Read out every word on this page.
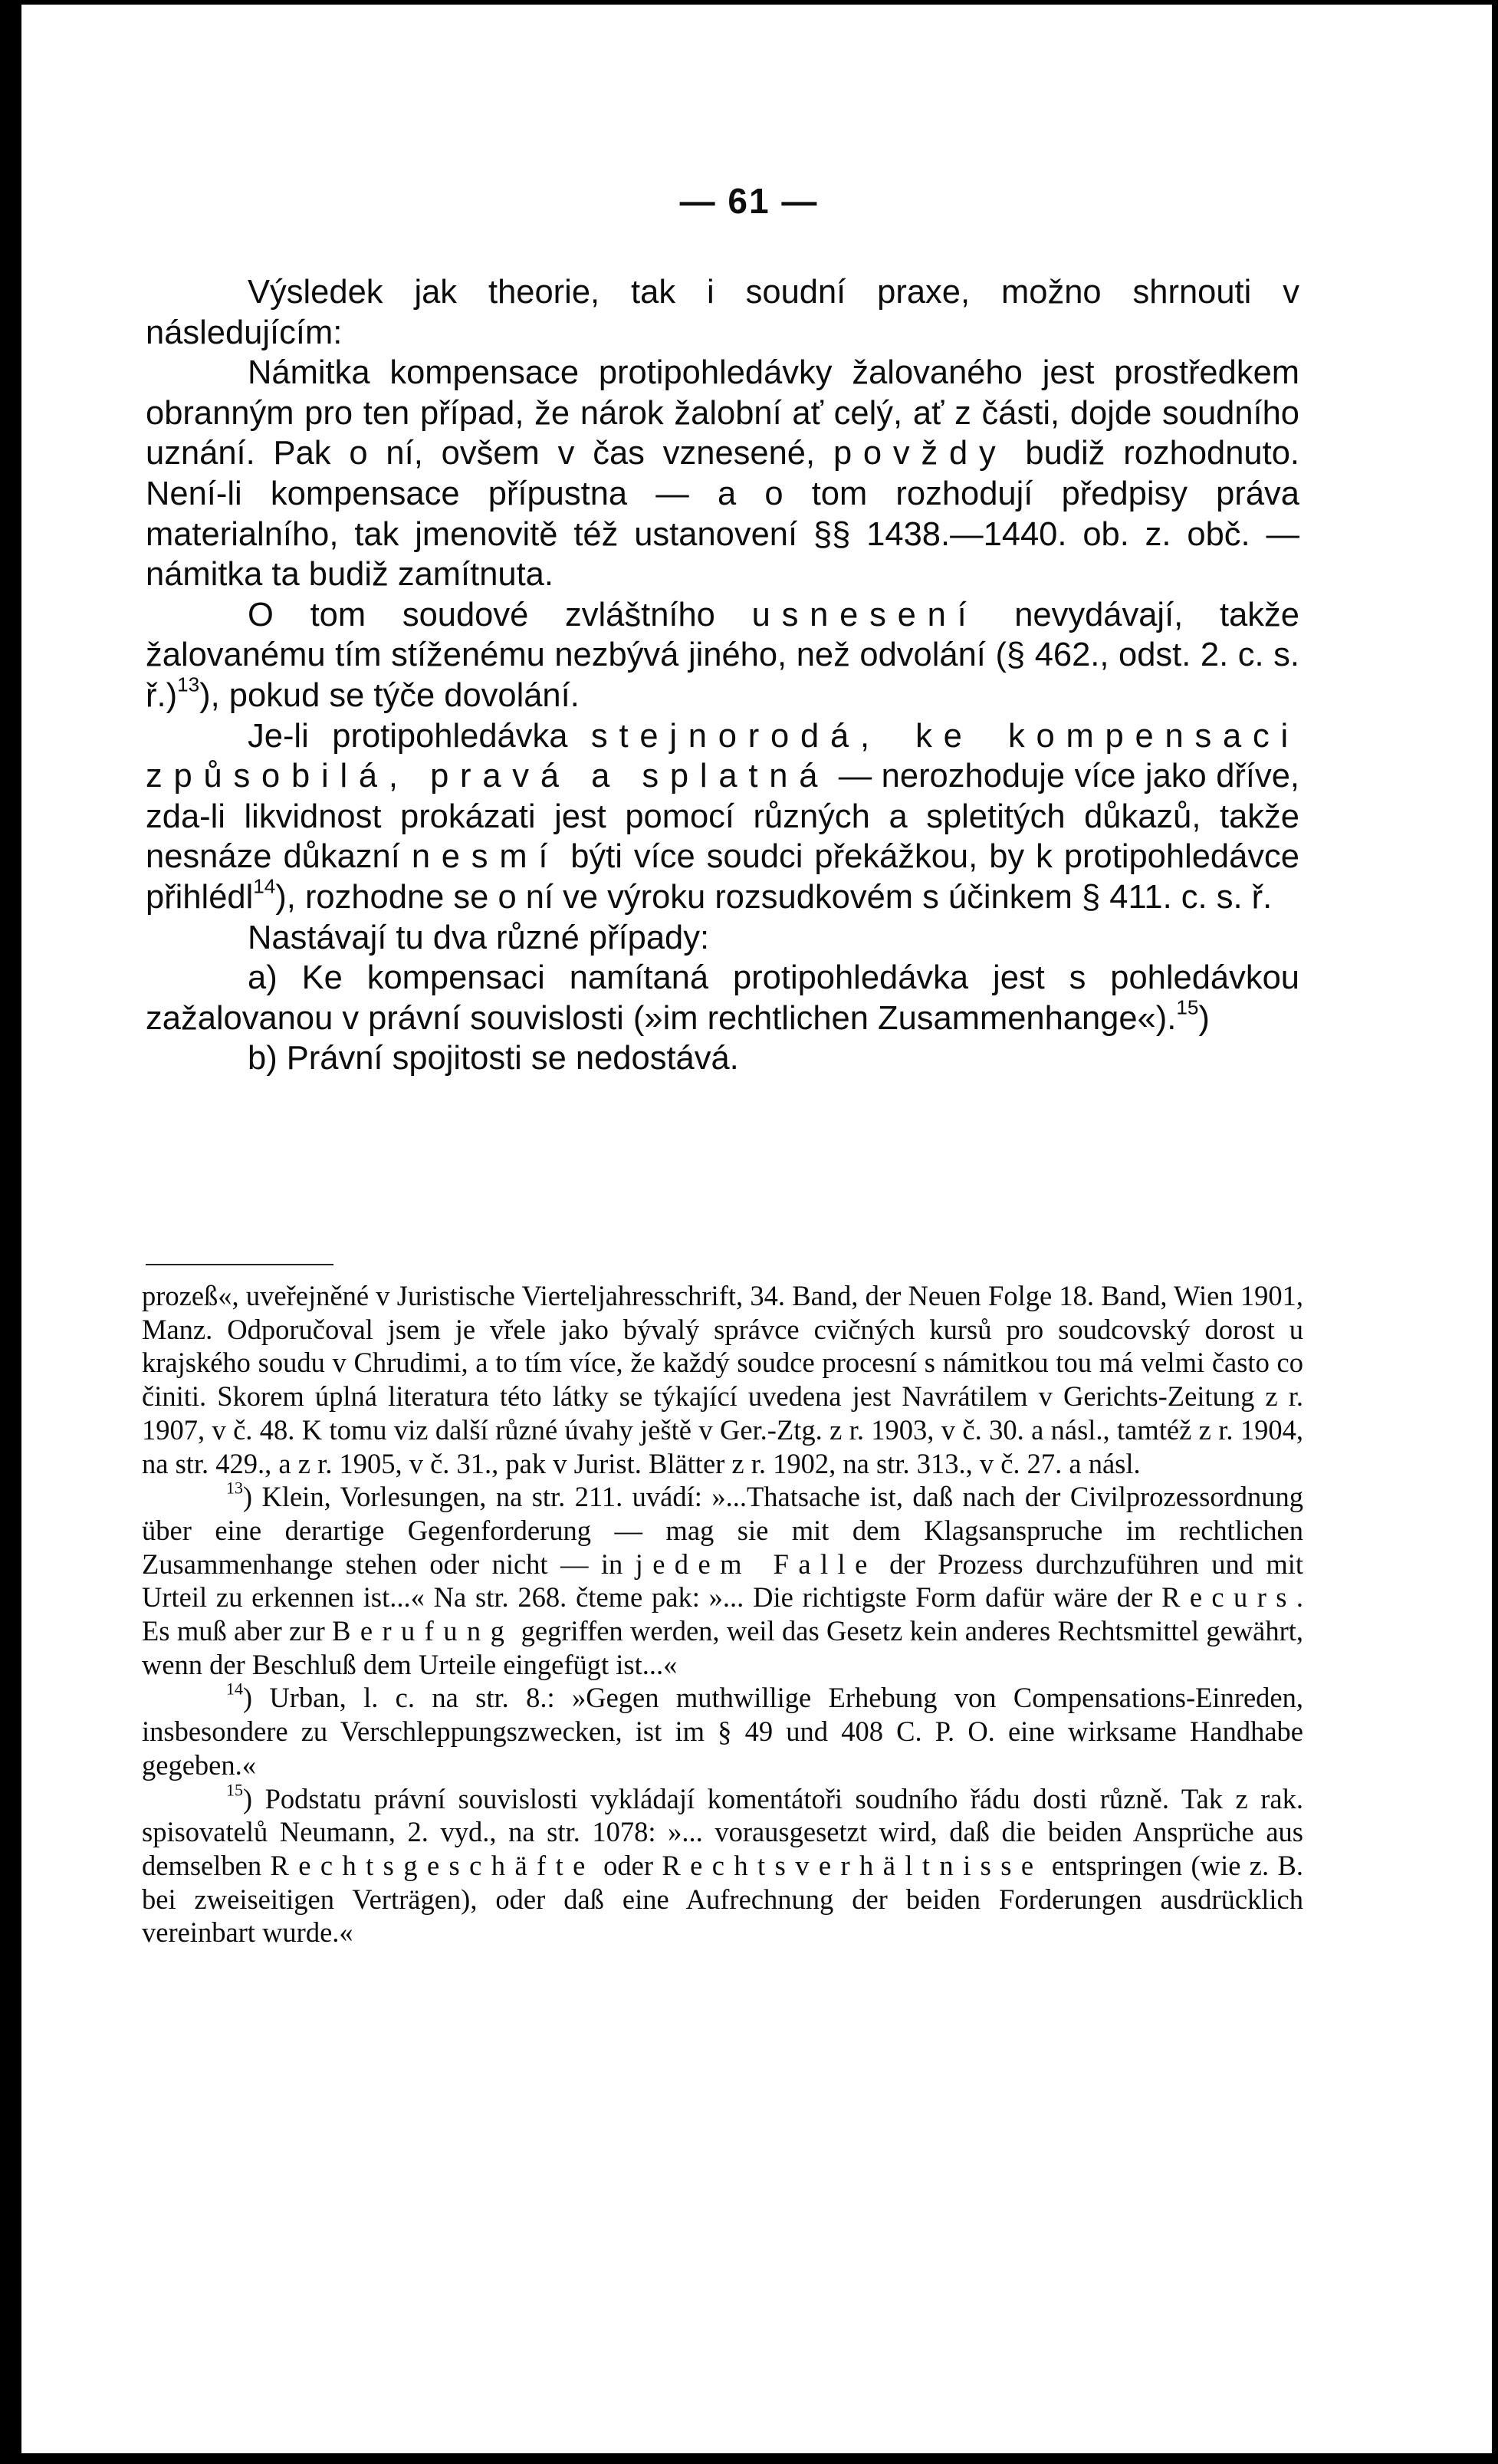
— 61 —

Výsledek jak theorie, tak i soudní praxe, možno shrnouti v následujícím:

Námitka kompensace protipohledávky žalovaného jest prostředkem obranným pro ten případ, že nárok žalobní ať celý, ať z části, dojde soudního uznání. Pak o ní, ovšem v čas vznesené, povždy budiž rozhodnuto. Není-li kompensace přípustna — a o tom rozhodují předpisy práva materialního, tak jmenovitě též ustanovení §§ 1438.—1440. ob. z. obč. — námitka ta budiž zamítnuta.

O tom soudové zvláštního usnesení nevydávají, takže žalovanému tím stíženému nezbývá jiného, než odvolání (§ 462., odst. 2. c. s. ř.)$^{13}$), pokud se týče dovolání.

Je-li protipohledávka stejnorodá, ke kompensaci způsobilá, pravá a splatná — nerozhoduje více jako dříve, zda-li likvidnost prokázati jest pomocí různých a spletitých důkazů, takže nesnáze důkazní nesmí býti více soudci překážkou, by k protipohledávce přihlédl$^{14}$), rozhodne se o ní ve výroku rozsudkovém s účinkem § 411. c. s. ř.

Nastávají tu dva různé případy:

a) Ke kompensaci namítaná protipohledávka jest s pohledávkou zažalovanou v právní souvislosti (»im rechtlichen Zusammenhange«).$^{15}$)

b) Právní spojitosti se nedostává.

prozeß«, uveřejněné v Juristische Vierteljahresschrift, 34. Band, der Neuen Folge 18. Band, Wien 1901, Manz. Odporučoval jsem je vřele jako bývalý správce cvičných kursů pro soudcovský dorost u krajského soudu v Chrudimi, a to tím více, že každý soudce procesní s námitkou tou má velmi často co činiti. Skorem úplná literatura této látky se týkající uvedena jest Navrátilem v Gerichts-Zeitung z r. 1907, v č. 48. K tomu viz další různé úvahy ještě v Ger.-Ztg. z r. 1903, v č. 30. a násl., tamtéž z r. 1904, na str. 429., a z r. 1905, v č. 31., pak v Jurist. Blätter z r. 1902, na str. 313., v č. 27. a násl.

$^{13}$) Klein, Vorlesungen, na str. 211. uvádí: »...Thatsache ist, daß nach der Civilprozessordnung über eine derartige Gegenforderung — mag sie mit dem Klagsanspruche im rechtlichen Zusammenhange stehen oder nicht — in jedem Falle der Prozess durchzuführen und mit Urteil zu erkennen ist...« Na str. 268. čteme pak: »... Die richtigste Form dafür wäre der Recurs. Es muß aber zur Berufung gegriffen werden, weil das Gesetz kein anderes Rechtsmittel gewährt, wenn der Beschluß dem Urteile eingefügt ist...«

$^{14}$) Urban, l. c. na str. 8.: »Gegen muthwillige Erhebung von Compensations-Einreden, insbesondere zu Verschleppungszwecken, ist im § 49 und 408 C. P. O. eine wirksame Handhabe gegeben.«

$^{15}$) Podstatu právní souvislosti vykládají komentátoři soudního řádu dosti různě. Tak z rak. spisovatelů Neumann, 2. vyd., na str. 1078: »... vorausgesetzt wird, daß die beiden Ansprüche aus demselben Rechtsgeschäfte oder Rechtsverhältnisse entspringen (wie z. B. bei zweiseitigen Verträgen), oder daß eine Aufrechnung der beiden Forderungen ausdrücklich vereinbart wurde.«
